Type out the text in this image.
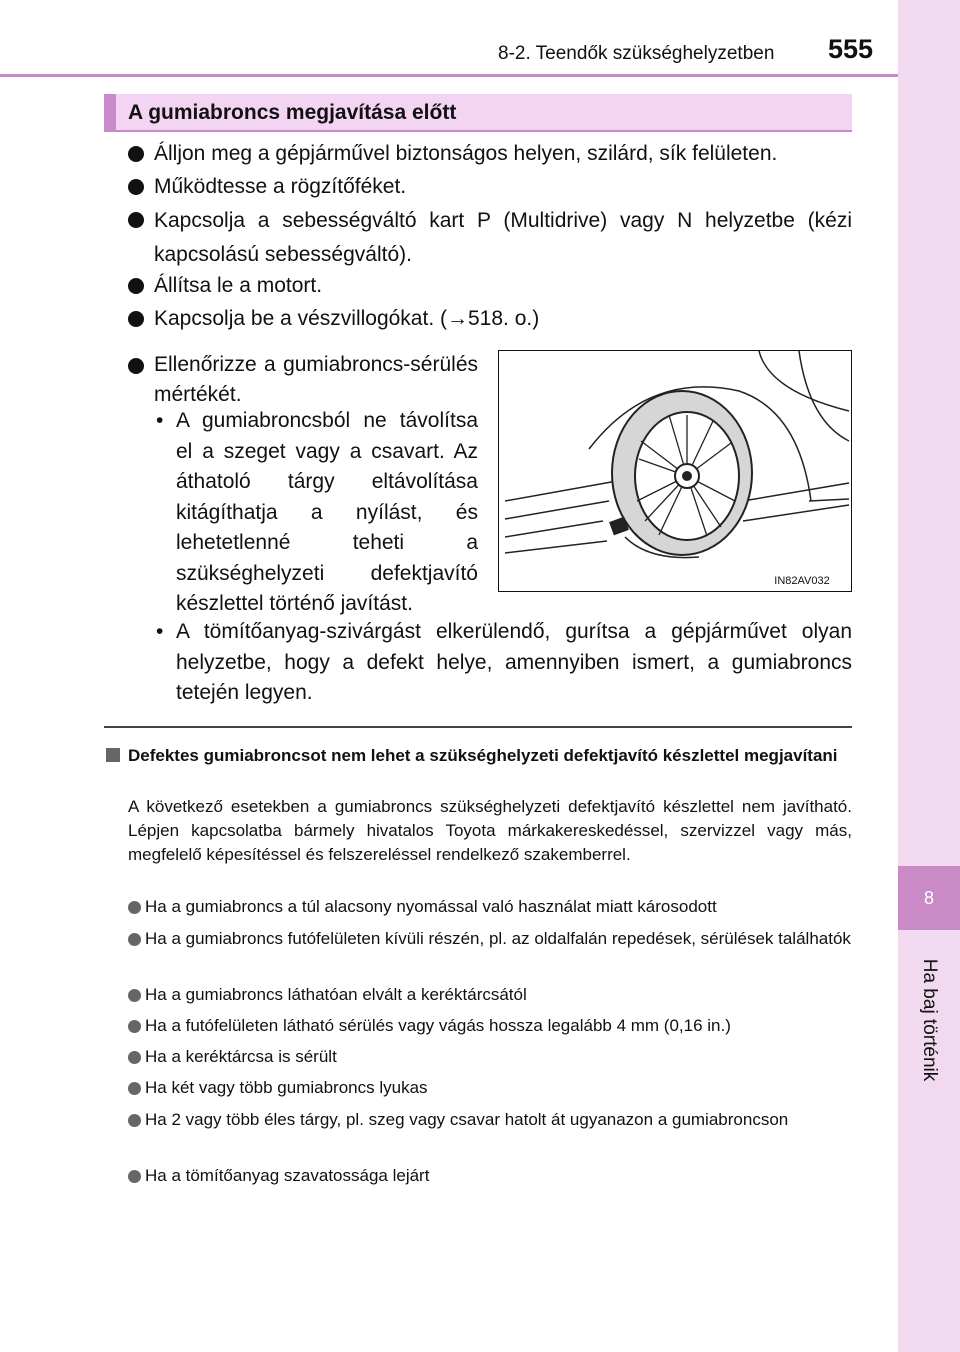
8-2. Teendők szükséghelyzetben 555
8
Ha baj történik
A gumiabroncs megjavítása előtt
Álljon meg a gépjárművel biztonságos helyen, szilárd, sík felületen.
Működtesse a rögzítőféket.
Kapcsolja a sebességváltó kart P (Multidrive) vagy N helyzetbe (kézi kapcsolású sebességváltó).
Állítsa le a motort.
Kapcsolja be a vészvillogókat. (→518. o.)
Ellenőrizze a gumiabroncs-sérülés mértékét.
• A gumiabroncsból ne távolítsa el a szeget vagy a csavart. Az áthatoló tárgy eltávolítása kitágíthatja a nyílást, és lehetetlenné teheti a szükséghelyzeti defektjavító készlettel történő javítást.
• A tömítőanyag-szivárgást elkerülendő, gurítsa a gépjárművet olyan helyzetbe, hogy a defekt helye, amennyiben ismert, a gumiabroncs tetején legyen.
IN82AV032
Defektes gumiabroncsot nem lehet a szükséghelyzeti defektjavító készlettel megjavítani
A következő esetekben a gumiabroncs szükséghelyzeti defektjavító készlettel nem javítható. Lépjen kapcsolatba bármely hivatalos Toyota márkakereskedéssel, szervizzel vagy más, megfelelő képesítéssel és felszereléssel rendelkező szakemberrel.
Ha a gumiabroncs a túl alacsony nyomással való használat miatt károsodott
Ha a gumiabroncs futófelületen kívüli részén, pl. az oldalfalán repedések, sérülések találhatók
Ha a gumiabroncs láthatóan elvált a keréktárcsától
Ha a futófelületen látható sérülés vagy vágás hossza legalább 4 mm (0,16 in.)
Ha a keréktárcsa is sérült
Ha két vagy több gumiabroncs lyukas
Ha 2 vagy több éles tárgy, pl. szeg vagy csavar hatolt át ugyanazon a gumiabroncson
Ha a tömítőanyag szavatossága lejárt
